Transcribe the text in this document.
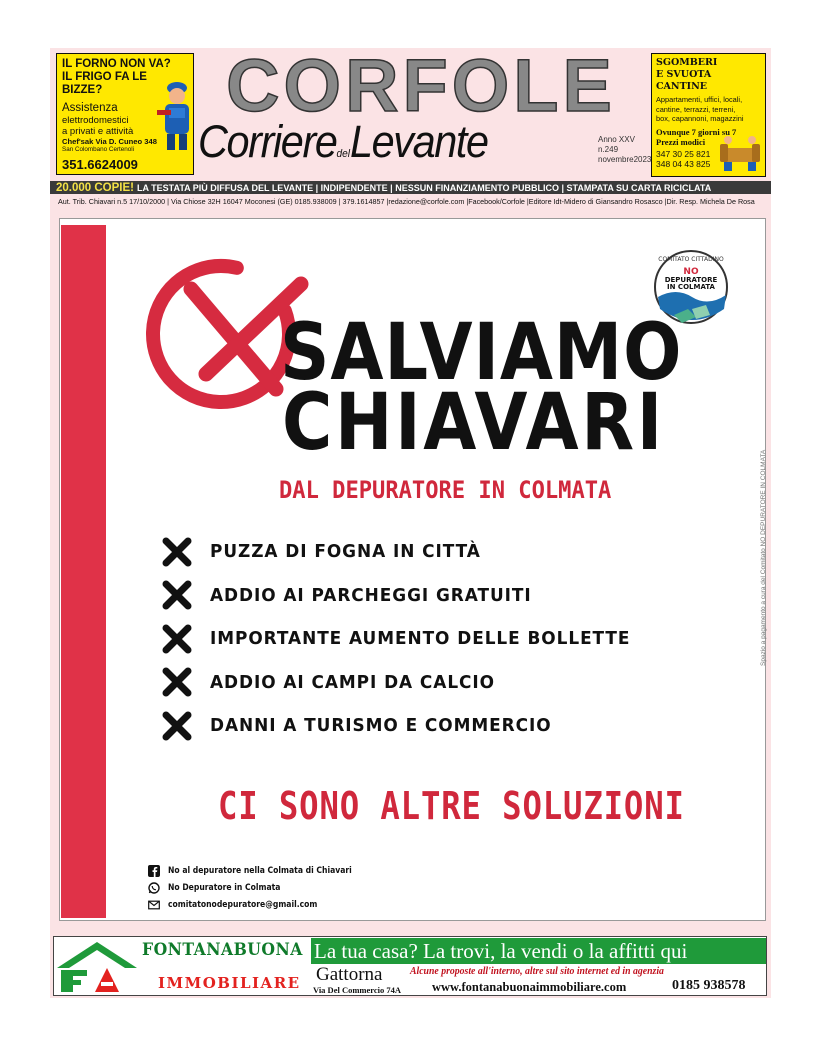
IL FORNO NON VA?
IL FRIGO FA LE BIZZE?
Assistenza
elettrodomestici
a privati e attività
Chef'sak Via D. Cuneo 348
San Colombano Certenoli
351.6624009
CORFOLE
CorrieredelLevante	Anno XXV
n.249
novembre2023
SGOMBERI
E SVUOTA CANTINE
Appartamenti, uffici, locali,
cantine, terrazzi, terreni,
box, capannoni, magazzini
Ovunque 7 giorni su 7
Prezzi modici
347 30 25 821
348 04 43 825
20.000 COPIE! LA TESTATA PIÙ DIFFUSA DEL LEVANTE | INDIPENDENTE | NESSUN FINANZIAMENTO PUBBLICO | STAMPATA SU CARTA RICICLATA
Aut. Trib. Chiavari n.5 17/10/2000 | Via Chiose 32H 16047 Moconesi (GE) 0185.938009 | 379.1614857 |redazione@corfole.com |Facebook/Corfole |Editore Idt-Midero di Giansandro Rosasco |Dir. Resp. Michela De Rosa
COMITATO CITTADINO
NO
DEPURATORE
IN COLMATA
SALVIAMO
CHIAVARI
DAL DEPURATORE IN COLMATA
PUZZA DI FOGNA IN CITTÀ
ADDIO AI PARCHEGGI GRATUITI
IMPORTANTE AUMENTO DELLE BOLLETTE
ADDIO AI CAMPI DA CALCIO
DANNI A TURISMO E COMMERCIO
CI SONO ALTRE SOLUZIONI
No al depuratore nella Colmata di Chiavari
No Depuratore in Colmata
comitatonodepuratore@gmail.com
Spazio a pagamento a cura del Comitato NO DEPURATORE IN COLMATA
FONTANABUONA
IMMOBILIARE
La tua casa? La trovi, la vendi o la affitti qui
Gattorna
Via Del Commercio 74A
Alcune proposte all'interno, altre sul sito internet ed in agenzia
www.fontanabuonaimmobiliare.com	0185 938578
